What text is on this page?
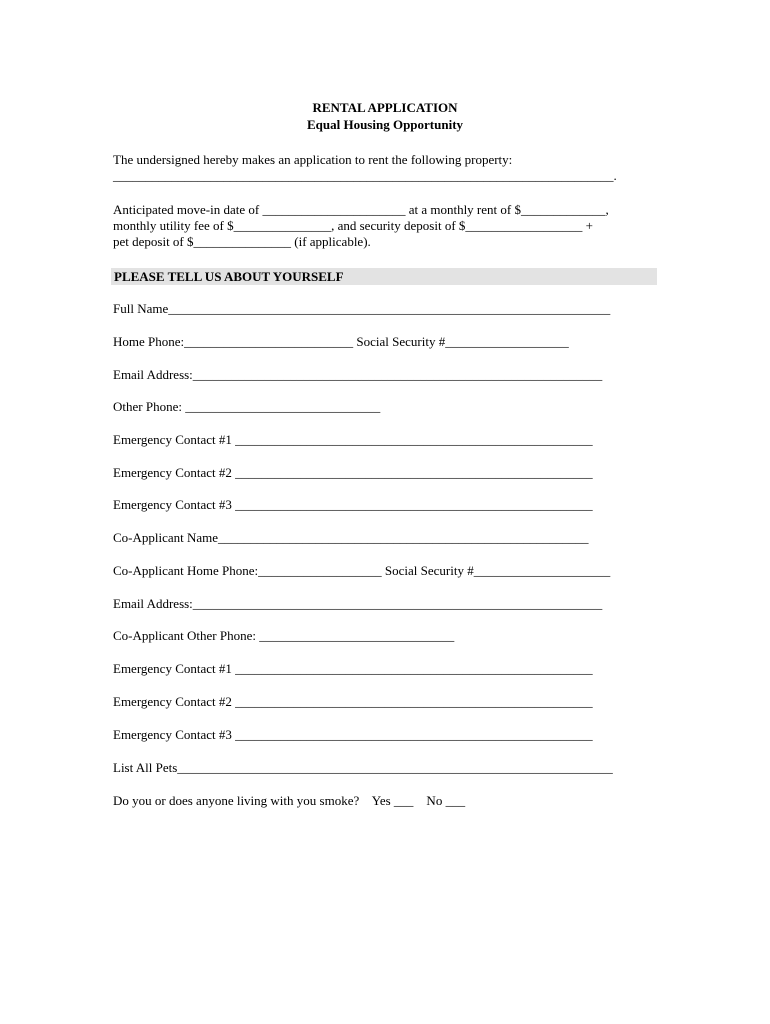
RENTAL APPLICATION
Equal Housing Opportunity
The undersigned hereby makes an application to rent the following property:
_____________________________________________________________________________.
Anticipated move-in date of ______________________ at a monthly rent of $_____________,
monthly utility fee of $_______________, and security deposit of $__________________ +
pet deposit of $_______________ (if applicable).
PLEASE TELL US ABOUT YOURSELF
Full Name____________________________________________________________________
Home Phone:__________________________ Social Security #___________________
Email Address:_______________________________________________________________
Other Phone: ______________________________
Emergency Contact #1 _______________________________________________________
Emergency Contact #2 _______________________________________________________
Emergency Contact #3 _______________________________________________________
Co-Applicant Name_________________________________________________________
Co-Applicant Home Phone:___________________ Social Security #_____________________
Email Address:_______________________________________________________________
Co-Applicant Other Phone: ______________________________
Emergency Contact #1 _______________________________________________________
Emergency Contact #2 _______________________________________________________
Emergency Contact #3 _______________________________________________________
List All Pets___________________________________________________________________
Do you or does anyone living with you smoke?    Yes ___    No ___
